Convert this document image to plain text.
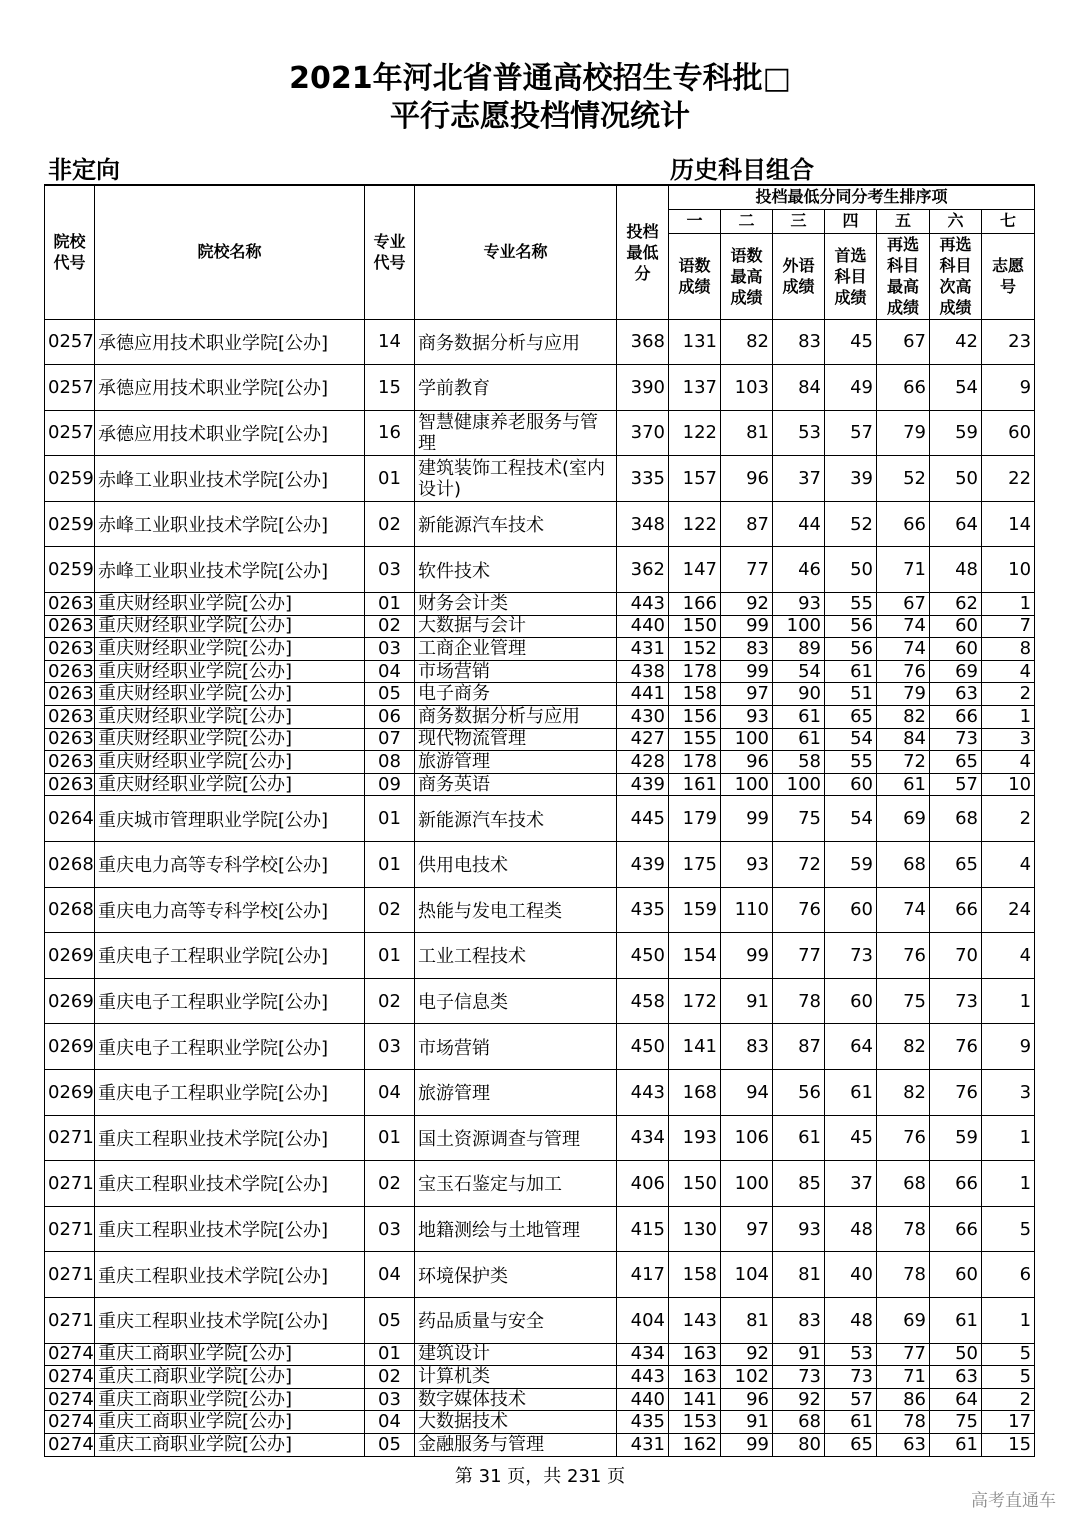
2021年河北省普通高校招生专科批□
平行志愿投档情况统计
非定向	历史科目组合
院校代号	院校名称	专业代号	专业名称	投档最低分	投档最低分同分考生排序项						
					一	二	三	四	五	六	七
					语数成绩	语数最高成绩	外语成绩	首选科目成绩	再选科目最高成绩	再选科目次高成绩	志愿号
0257	承德应用技术职业学院[公办]	14	商务数据分析与应用	368	131	82	83	45	67	42	23
0257	承德应用技术职业学院[公办]	15	学前教育	390	137	103	84	49	66	54	9
0257	承德应用技术职业学院[公办]	16	智慧健康养老服务与管理	370	122	81	53	57	79	59	60
0259	赤峰工业职业技术学院[公办]	01	建筑装饰工程技术(室内设计)	335	157	96	37	39	52	50	22
0259	赤峰工业职业技术学院[公办]	02	新能源汽车技术	348	122	87	44	52	66	64	14
0259	赤峰工业职业技术学院[公办]	03	软件技术	362	147	77	46	50	71	48	10
0263	重庆财经职业学院[公办]	01	财务会计类	443	166	92	93	55	67	62	1
0263	重庆财经职业学院[公办]	02	大数据与会计	440	150	99	100	56	74	60	7
0263	重庆财经职业学院[公办]	03	工商企业管理	431	152	83	89	56	74	60	8
0263	重庆财经职业学院[公办]	04	市场营销	438	178	99	54	61	76	69	4
0263	重庆财经职业学院[公办]	05	电子商务	441	158	97	90	51	79	63	2
0263	重庆财经职业学院[公办]	06	商务数据分析与应用	430	156	93	61	65	82	66	1
0263	重庆财经职业学院[公办]	07	现代物流管理	427	155	100	61	54	84	73	3
0263	重庆财经职业学院[公办]	08	旅游管理	428	178	96	58	55	72	65	4
0263	重庆财经职业学院[公办]	09	商务英语	439	161	100	100	60	61	57	10
0264	重庆城市管理职业学院[公办]	01	新能源汽车技术	445	179	99	75	54	69	68	2
0268	重庆电力高等专科学校[公办]	01	供用电技术	439	175	93	72	59	68	65	4
0268	重庆电力高等专科学校[公办]	02	热能与发电工程类	435	159	110	76	60	74	66	24
0269	重庆电子工程职业学院[公办]	01	工业工程技术	450	154	99	77	73	76	70	4
0269	重庆电子工程职业学院[公办]	02	电子信息类	458	172	91	78	60	75	73	1
0269	重庆电子工程职业学院[公办]	03	市场营销	450	141	83	87	64	82	76	9
0269	重庆电子工程职业学院[公办]	04	旅游管理	443	168	94	56	61	82	76	3
0271	重庆工程职业技术学院[公办]	01	国土资源调查与管理	434	193	106	61	45	76	59	1
0271	重庆工程职业技术学院[公办]	02	宝玉石鉴定与加工	406	150	100	85	37	68	66	1
0271	重庆工程职业技术学院[公办]	03	地籍测绘与土地管理	415	130	97	93	48	78	66	5
0271	重庆工程职业技术学院[公办]	04	环境保护类	417	158	104	81	40	78	60	6
0271	重庆工程职业技术学院[公办]	05	药品质量与安全	404	143	81	83	48	69	61	1
0274	重庆工商职业学院[公办]	01	建筑设计	434	163	92	91	53	77	50	5
0274	重庆工商职业学院[公办]	02	计算机类	443	163	102	73	73	71	63	5
0274	重庆工商职业学院[公办]	03	数字媒体技术	440	141	96	92	57	86	64	2
0274	重庆工商职业学院[公办]	04	大数据技术	435	153	91	68	61	78	75	17
0274	重庆工商职业学院[公办]	05	金融服务与管理	431	162	99	80	65	63	61	15
第 31 页，共 231 页
高考直通车
